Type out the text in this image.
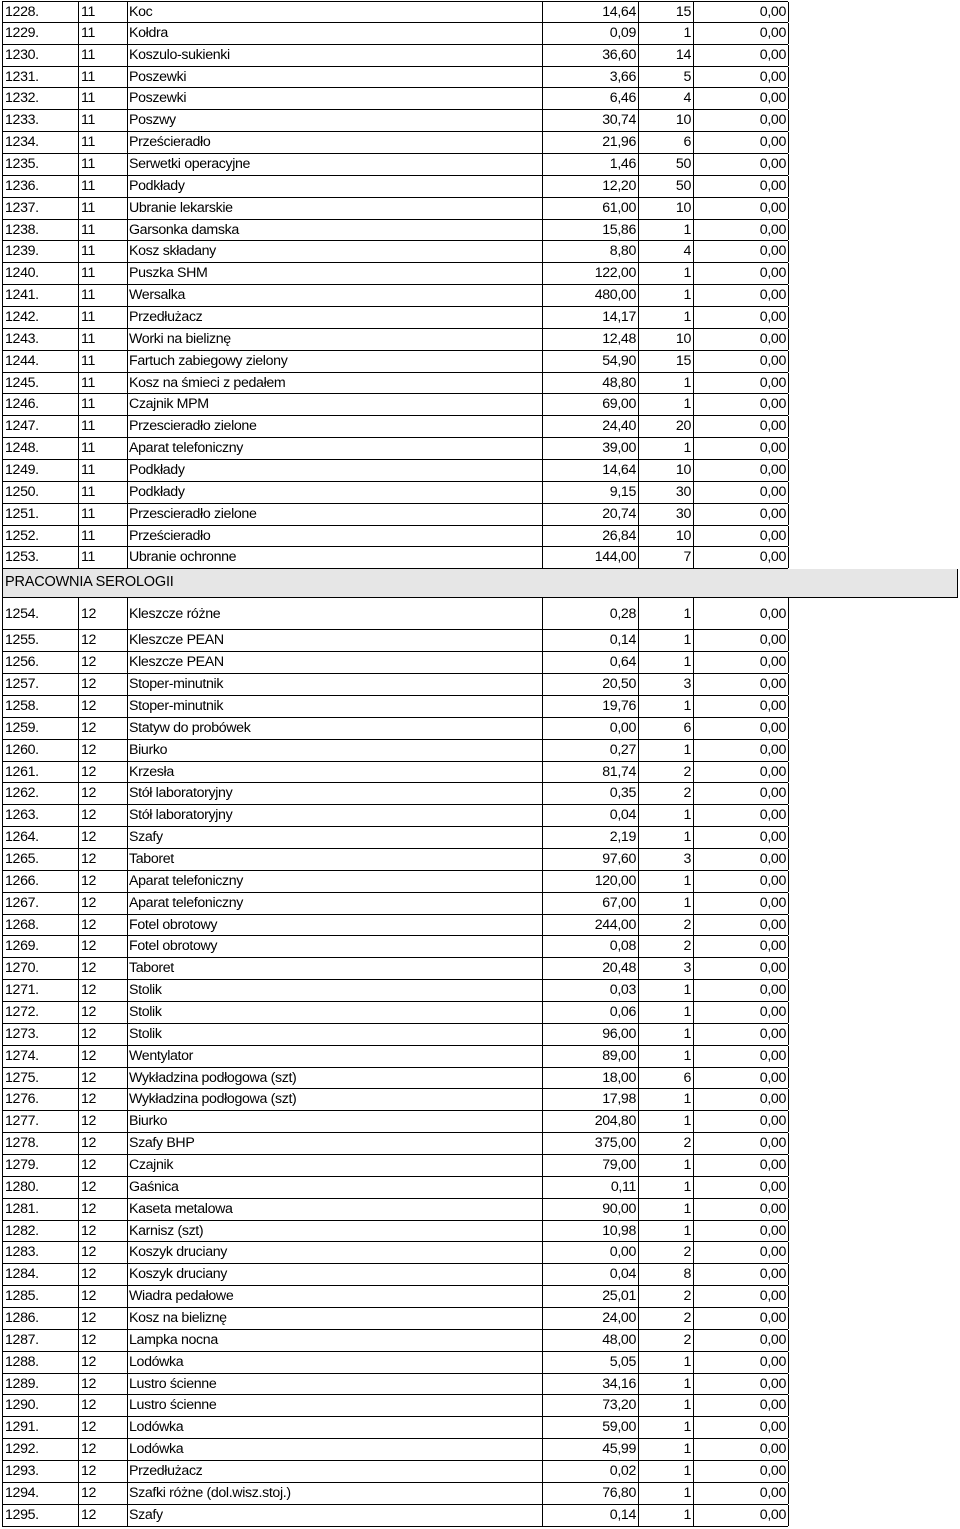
1228.	11	Koc	14,64	15	0,00
1229.	11	Kołdra	0,09	1	0,00
1230.	11	Koszulo-sukienki	36,60	14	0,00
1231.	11	Poszewki	3,66	5	0,00
1232.	11	Poszewki	6,46	4	0,00
1233.	11	Poszwy	30,74	10	0,00
1234.	11	Prześcieradło	21,96	6	0,00
1235.	11	Serwetki operacyjne	1,46	50	0,00
1236.	11	Podkłady	12,20	50	0,00
1237.	11	Ubranie lekarskie	61,00	10	0,00
1238.	11	Garsonka damska	15,86	1	0,00
1239.	11	Kosz składany	8,80	4	0,00
1240.	11	Puszka SHM	122,00	1	0,00
1241.	11	Wersalka	480,00	1	0,00
1242.	11	Przedłużacz	14,17	1	0,00
1243.	11	Worki na bieliznę	12,48	10	0,00
1244.	11	Fartuch zabiegowy zielony	54,90	15	0,00
1245.	11	Kosz na śmieci z pedałem	48,80	1	0,00
1246.	11	Czajnik MPM	69,00	1	0,00
1247.	11	Przescieradło zielone	24,40	20	0,00
1248.	11	Aparat telefoniczny	39,00	1	0,00
1249.	11	Podkłady	14,64	10	0,00
1250.	11	Podkłady	9,15	30	0,00
1251.	11	Przescieradło zielone	20,74	30	0,00
1252.	11	Prześcieradło	26,84	10	0,00
1253.	11	Ubranie ochronne	144,00	7	0,00
PRACOWNIA SEROLOGII
1254.	12	Kleszcze różne	0,28	1	0,00
1255.	12	Kleszcze PEAN	0,14	1	0,00
1256.	12	Kleszcze PEAN	0,64	1	0,00
1257.	12	Stoper-minutnik	20,50	3	0,00
1258.	12	Stoper-minutnik	19,76	1	0,00
1259.	12	Statyw do probówek	0,00	6	0,00
1260.	12	Biurko	0,27	1	0,00
1261.	12	Krzesła	81,74	2	0,00
1262.	12	Stół laboratoryjny	0,35	2	0,00
1263.	12	Stół laboratoryjny	0,04	1	0,00
1264.	12	Szafy	2,19	1	0,00
1265.	12	Taboret	97,60	3	0,00
1266.	12	Aparat telefoniczny	120,00	1	0,00
1267.	12	Aparat telefoniczny	67,00	1	0,00
1268.	12	Fotel obrotowy	244,00	2	0,00
1269.	12	Fotel obrotowy	0,08	2	0,00
1270.	12	Taboret	20,48	3	0,00
1271.	12	Stolik	0,03	1	0,00
1272.	12	Stolik	0,06	1	0,00
1273.	12	Stolik	96,00	1	0,00
1274.	12	Wentylator	89,00	1	0,00
1275.	12	Wykładzina podłogowa (szt)	18,00	6	0,00
1276.	12	Wykładzina podłogowa (szt)	17,98	1	0,00
1277.	12	Biurko	204,80	1	0,00
1278.	12	Szafy BHP	375,00	2	0,00
1279.	12	Czajnik	79,00	1	0,00
1280.	12	Gaśnica	0,11	1	0,00
1281.	12	Kaseta metalowa	90,00	1	0,00
1282.	12	Karnisz (szt)	10,98	1	0,00
1283.	12	Koszyk druciany	0,00	2	0,00
1284.	12	Koszyk druciany	0,04	8	0,00
1285.	12	Wiadra pedałowe	25,01	2	0,00
1286.	12	Kosz na bieliznę	24,00	2	0,00
1287.	12	Lampka nocna	48,00	2	0,00
1288.	12	Lodówka	5,05	1	0,00
1289.	12	Lustro ścienne	34,16	1	0,00
1290.	12	Lustro ścienne	73,20	1	0,00
1291.	12	Lodówka	59,00	1	0,00
1292.	12	Lodówka	45,99	1	0,00
1293.	12	Przedłużacz	0,02	1	0,00
1294.	12	Szafki różne (dol.wisz.stoj.)	76,80	1	0,00
1295.	12	Szafy	0,14	1	0,00
